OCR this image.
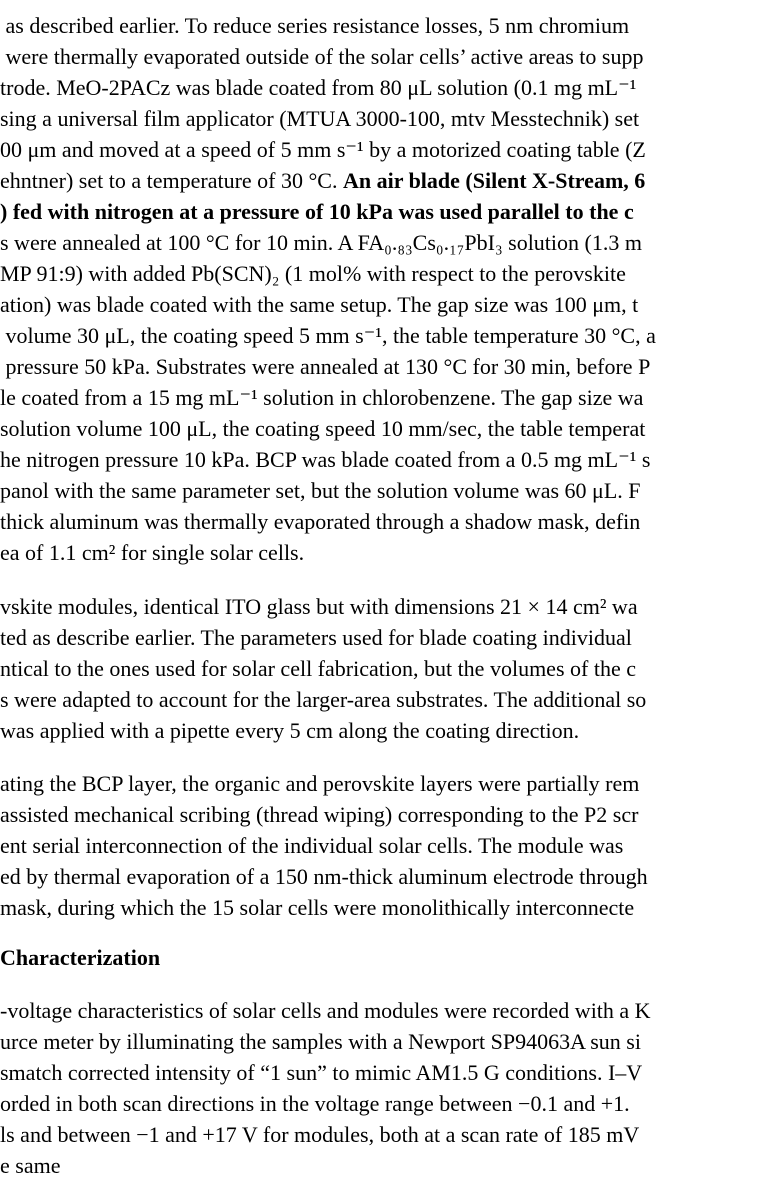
as described earlier. To reduce series resistance losses, 5 nm chromium
were thermally evaporated outside of the solar cells’ active areas to supp
trode. MeO-2PACz was blade coated from 80 μL solution (0.1 mg mL⁻¹
sing a universal film applicator (MTUA 3000-100, mtv Messtechnik) set
00 μm and moved at a speed of 5 mm s⁻¹ by a motorized coating table (Z
ehntner) set to a temperature of 30 °C. An air blade (Silent X-Stream, 6
) fed with nitrogen at a pressure of 10 kPa was used parallel to the c
s were annealed at 100 °C for 10 min. A FA₀.₈₃Cs₀.₁₇PbI₃ solution (1.3 m
MP 91:9) with added Pb(SCN)₂ (1 mol% with respect to the perovskite
ation) was blade coated with the same setup. The gap size was 100 μm, t
volume 30 μL, the coating speed 5 mm s⁻¹, the table temperature 30 °C, a
pressure 50 kPa. Substrates were annealed at 130 °C for 30 min, before P
le coated from a 15 mg mL⁻¹ solution in chlorobenzene. The gap size wa
solution volume 100 μL, the coating speed 10 mm/sec, the table temperat
he nitrogen pressure 10 kPa. BCP was blade coated from a 0.5 mg mL⁻¹ s
panol with the same parameter set, but the solution volume was 60 μL. F
thick aluminum was thermally evaporated through a shadow mask, defin
ea of 1.1 cm² for single solar cells.
vskite modules, identical ITO glass but with dimensions 21 × 14 cm² wa
ted as describe earlier. The parameters used for blade coating individual
ntical to the ones used for solar cell fabrication, but the volumes of the c
s were adapted to account for the larger-area substrates. The additional so
was applied with a pipette every 5 cm along the coating direction.
ating the BCP layer, the organic and perovskite layers were partially rem
assisted mechanical scribing (thread wiping) corresponding to the P2 scr
ent serial interconnection of the individual solar cells. The module was
ed by thermal evaporation of a 150 nm-thick aluminum electrode through
mask, during which the 15 solar cells were monolithically interconnecte
Characterization
-voltage characteristics of solar cells and modules were recorded with a K
urce meter by illuminating the samples with a Newport SP94063A sun si
smatch corrected intensity of “1 sun” to mimic AM1.5 G conditions. I–V
orded in both scan directions in the voltage range between −0.1 and +1.
ls and between −1 and +17 V for modules, both at a scan rate of 185 mV
e same
